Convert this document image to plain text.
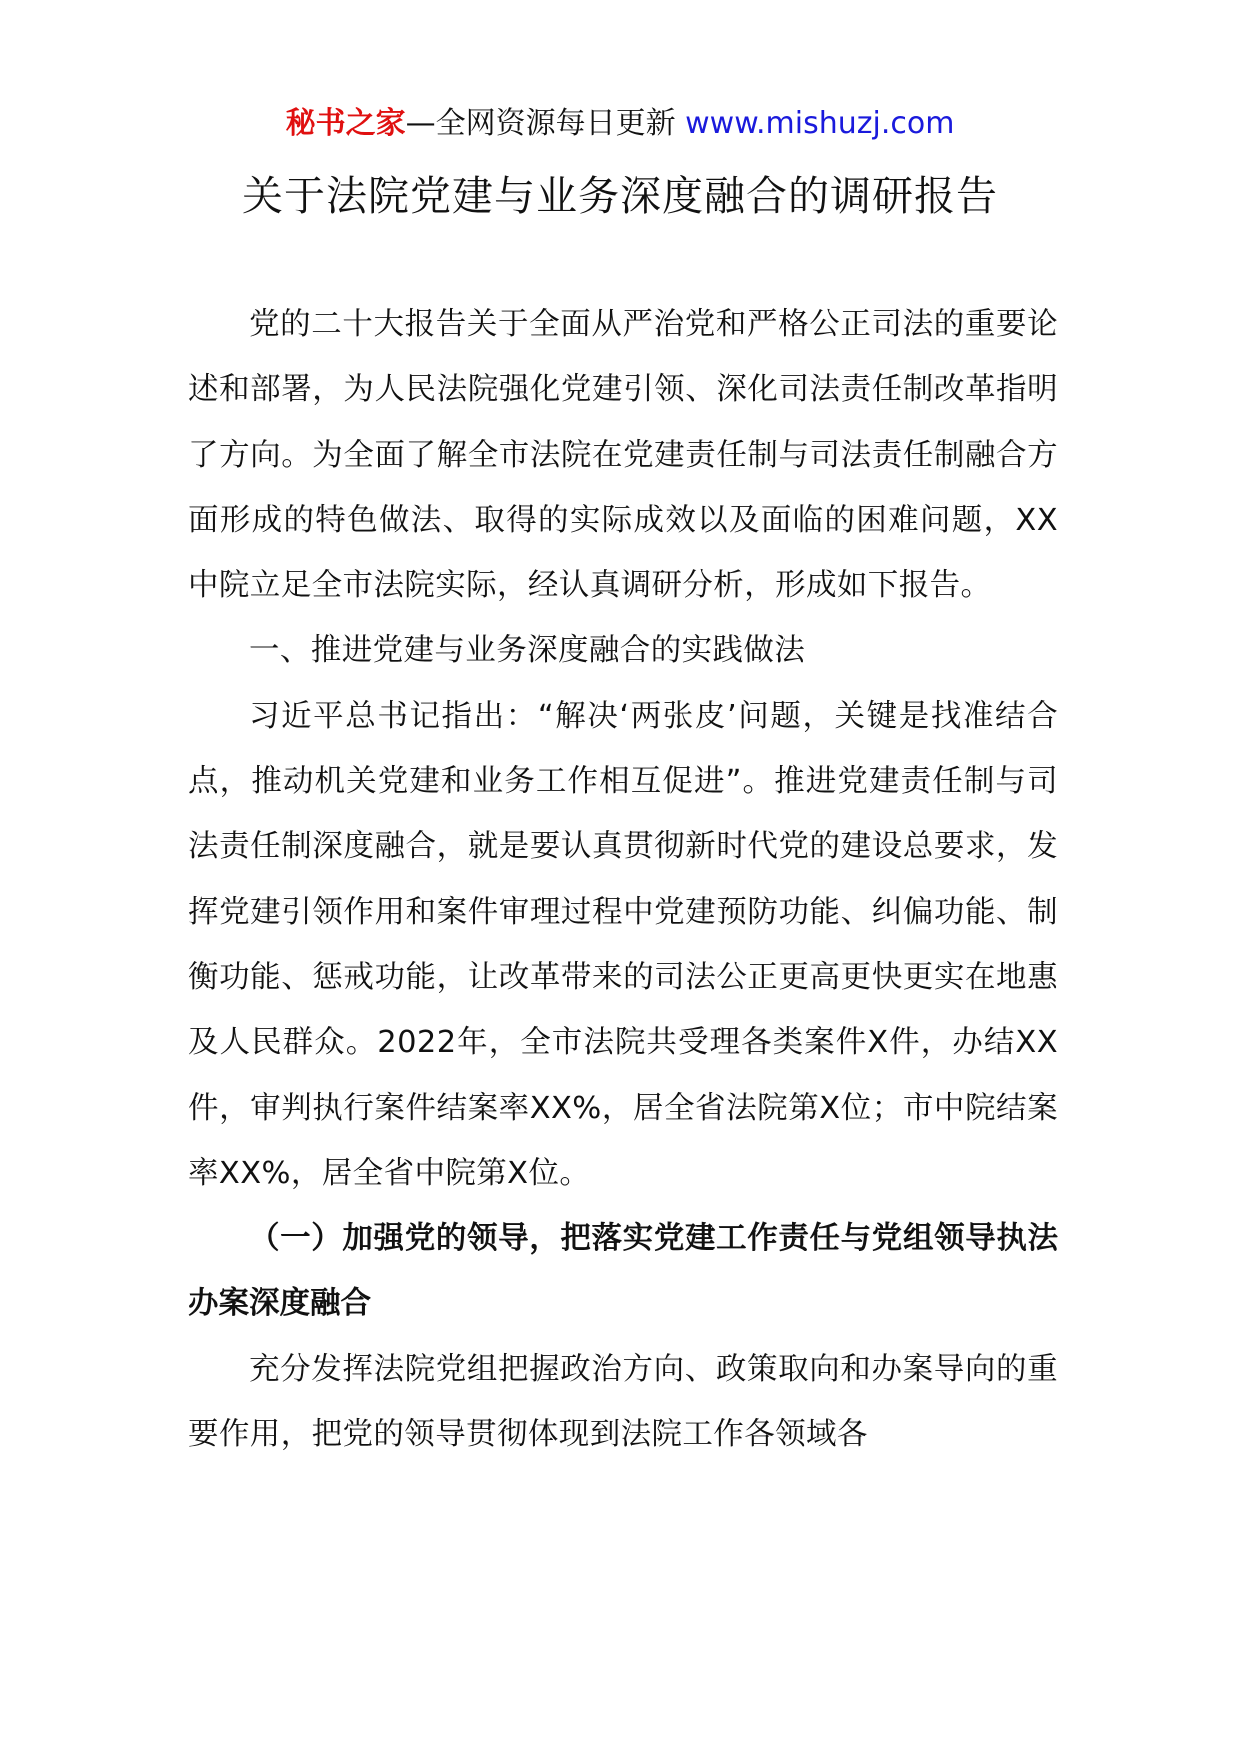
秘书之家—全网资源每日更新 www.mishuzj.com
关于法院党建与业务深度融合的调研报告

党的二十大报告关于全面从严治党和严格公正司法的重要论述和部署，为人民法院强化党建引领、深化司法责任制改革指明了方向。为全面了解全市法院在党建责任制与司法责任制融合方面形成的特色做法、取得的实际成效以及面临的困难问题，XX中院立足全市法院实际，经认真调研分析，形成如下报告。

一、推进党建与业务深度融合的实践做法

习近平总书记指出：“解决‘两张皮’问题，关键是找准结合点，推动机关党建和业务工作相互促进”。推进党建责任制与司法责任制深度融合，就是要认真贯彻新时代党的建设总要求，发挥党建引领作用和案件审理过程中党建预防功能、纠偏功能、制衡功能、惩戒功能，让改革带来的司法公正更高更快更实在地惠及人民群众。2022年，全市法院共受理各类案件X件，办结XX件，审判执行案件结案率XX%，居全省法院第X位；市中院结案率XX%，居全省中院第X位。

（一）加强党的领导，把落实党建工作责任与党组领导执法办案深度融合

充分发挥法院党组把握政治方向、政策取向和办案导向的重要作用，把党的领导贯彻体现到法院工作各领域各
